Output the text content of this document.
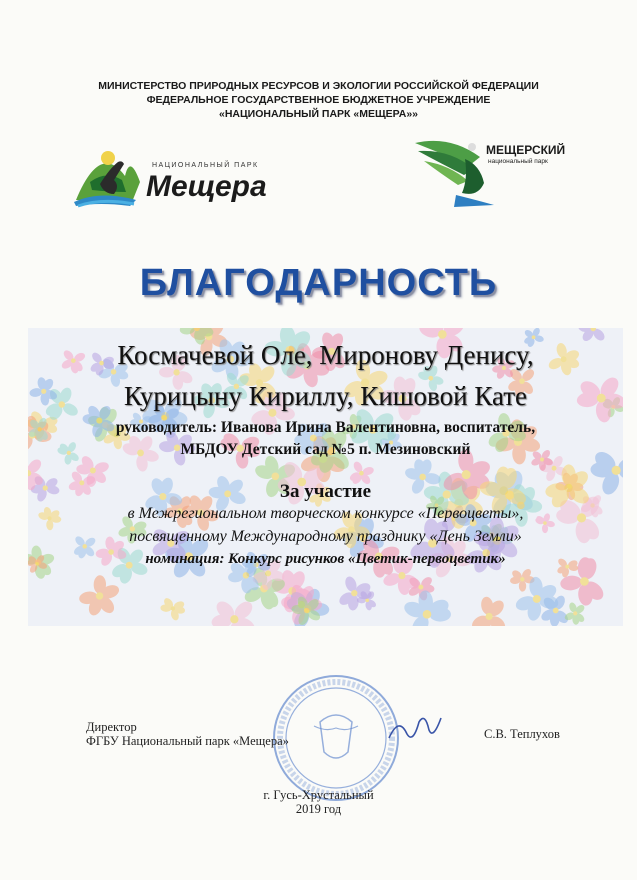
МИНИСТЕРСТВО ПРИРОДНЫХ РЕСУРСОВ И ЭКОЛОГИИ РОССИЙСКОЙ ФЕДЕРАЦИИ
ФЕДЕРАЛЬНОЕ ГОСУДАРСТВЕННОЕ БЮДЖЕТНОЕ УЧРЕЖДЕНИЕ
«НАЦИОНАЛЬНЫЙ ПАРК «МЕЩЕРА»»
НАЦИОНАЛЬНЫЙ ПАРК
Мещера
МЕЩЕРСКИЙ
национальный парк
БЛАГОДАРНОСТЬ
Космачевой Оле, Миронову Денису,
Курицыну Кириллу, Кишовой Кате
руководитель: Иванова Ирина Валентиновна, воспитатель,
МБДОУ Детский сад №5 п. Мезиновский
За участие
в Межрегиональном творческом конкурсе «Первоцветы»,
посвященному Международному празднику «День Земли»
номинация: Конкурс рисунков «Цветик-первоцветик»
Директор
ФГБУ Национальный парк «Мещера»	С.В. Теплухов
г. Гусь-Хрустальный
2019 год
